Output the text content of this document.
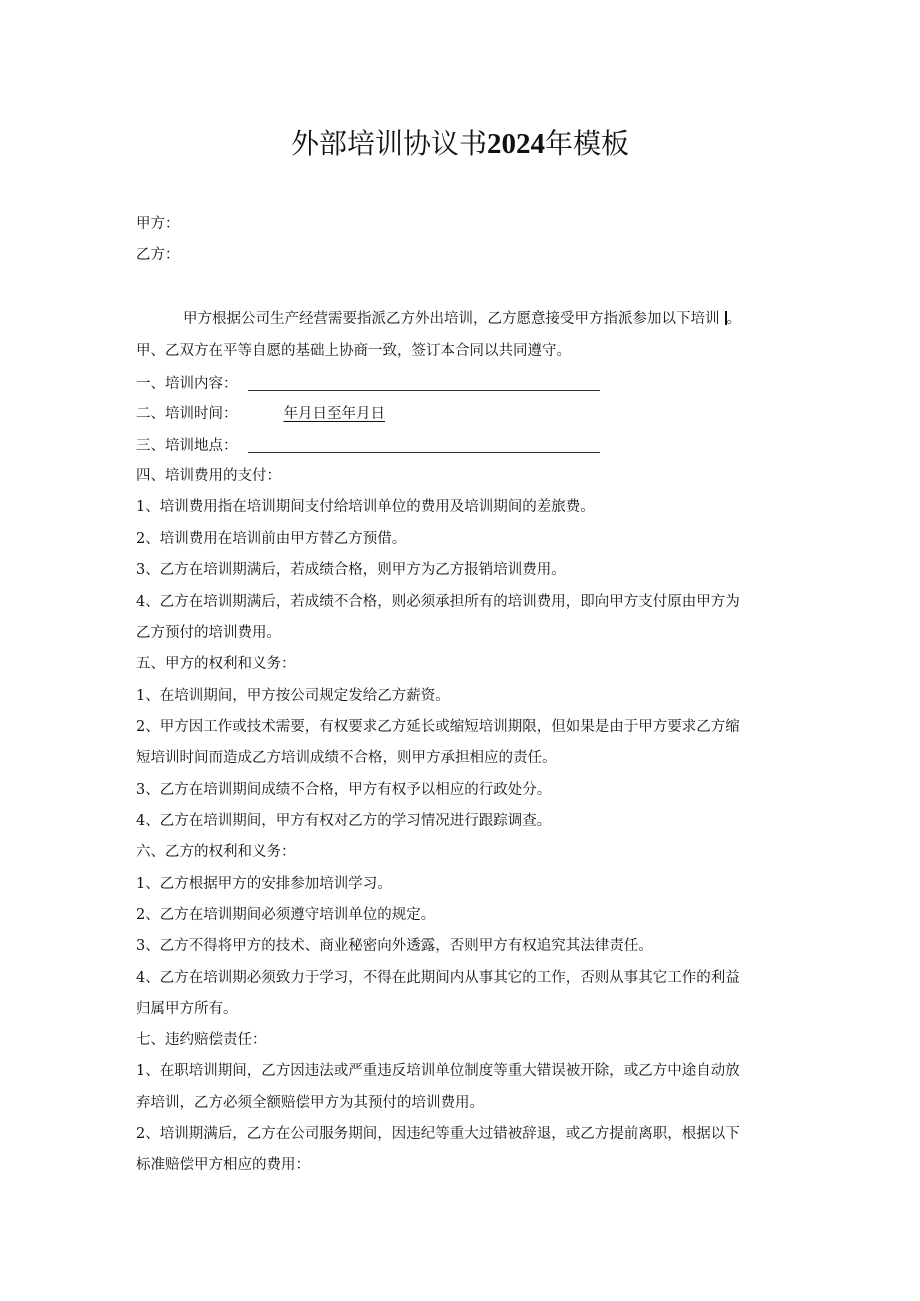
外部培训协议书2024年模板
甲方：
乙方：
甲方根据公司生产经营需要指派乙方外出培训，乙方愿意接受甲方指派参加以下培训 。
甲、乙双方在平等自愿的基础上协商一致，签订本合同以共同遵守。
一、培训内容：
二、培训时间：	年月日至年月日
三、培训地点：
四、培训费用的支付：
1、培训费用指在培训期间支付给培训单位的费用及培训期间的差旅费。
2、培训费用在培训前由甲方替乙方预借。
3、乙方在培训期满后，若成绩合格，则甲方为乙方报销培训费用。
4、乙方在培训期满后，若成绩不合格，则必须承担所有的培训费用，即向甲方支付原由甲方为
乙方预付的培训费用。
五、甲方的权利和义务：
1、在培训期间，甲方按公司规定发给乙方薪资。
2、甲方因工作或技术需要，有权要求乙方延长或缩短培训期限，但如果是由于甲方要求乙方缩
短培训时间而造成乙方培训成绩不合格，则甲方承担相应的责任。
3、乙方在培训期间成绩不合格，甲方有权予以相应的行政处分。
4、乙方在培训期间，甲方有权对乙方的学习情况进行跟踪调查。
六、乙方的权利和义务：
1、乙方根据甲方的安排参加培训学习。
2、乙方在培训期间必须遵守培训单位的规定。
3、乙方不得将甲方的技术、商业秘密向外透露，否则甲方有权追究其法律责任。
4、乙方在培训期必须致力于学习，不得在此期间内从事其它的工作，否则从事其它工作的利益
归属甲方所有。
七、违约赔偿责任：
1、在职培训期间，乙方因违法或严重违反培训单位制度等重大错误被开除，或乙方中途自动放
弃培训，乙方必须全额赔偿甲方为其预付的培训费用。
2、培训期满后，乙方在公司服务期间，因违纪等重大过错被辞退，或乙方提前离职，根据以下
标准赔偿甲方相应的费用：
